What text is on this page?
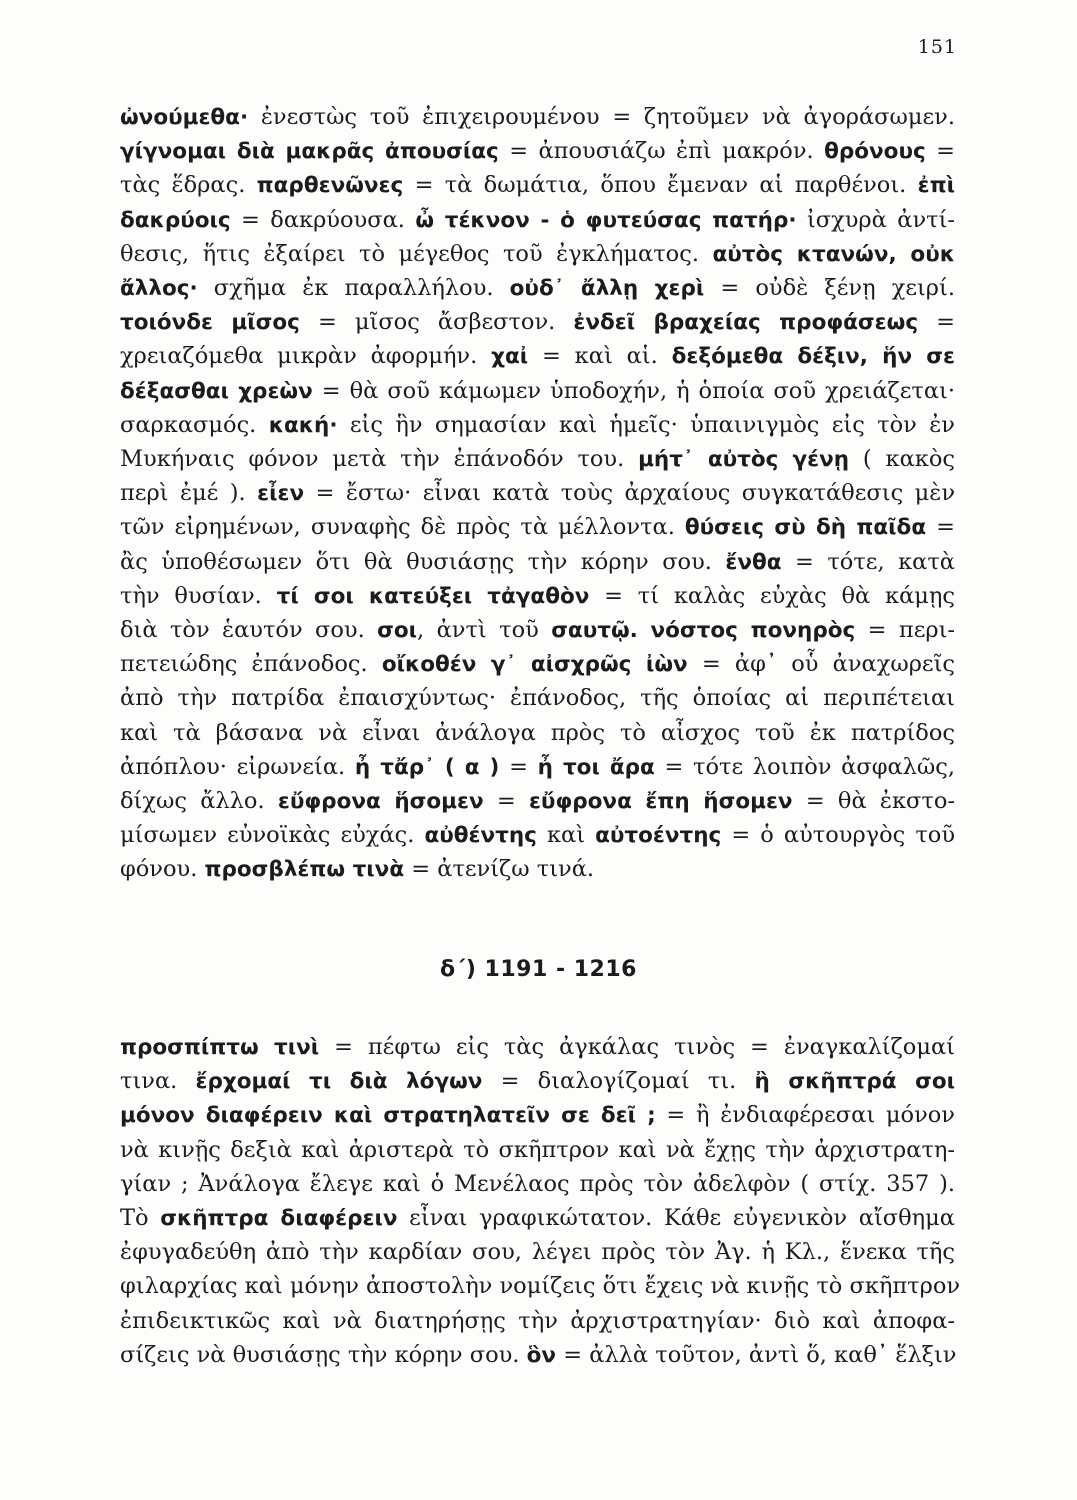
151
ὠνούμεθα· ἐνεστὼς τοῦ ἐπιχειρουμένου = ζητοῦμεν νὰ ἀγοράσωμεν.
γίγνομαι διὰ μακρᾶς ἀπουσίας = ἀπουσιάζω ἐπὶ μακρόν. θρόνους =
τὰς ἕδρας. παρθενῶνες = τὰ δωμάτια, ὅπου ἔμεναν αἱ παρθένοι. ἐπὶ
δακρύοις = δακρύουσα. ὦ τέκνον - ὁ φυτεύσας πατήρ· ἰσχυρὰ ἀντί-
θεσις, ἥτις ἐξαίρει τὸ μέγεθος τοῦ ἐγκλήματος. αὐτὸς κτανών, οὐκ
ἄλλος· σχῆμα ἐκ παραλλήλου. οὐδ᾽ ἄλλῃ χερὶ = οὐδὲ ξένῃ χειρί.
τοιόνδε μῖσος = μῖσος ἄσβεστον. ἐνδεῖ βραχείας προφάσεως =
χρειαζόμεθα μικρὰν ἀφορμήν. χαἰ = καὶ αἱ. δεξόμεθα δέξιν, ἥν σε
δέξασθαι χρεὼν = θὰ σοῦ κάμωμεν ὑποδοχήν, ἡ ὁποία σοῦ χρειάζεται·
σαρκασμός. κακή· εἰς ἣν σημασίαν καὶ ἡμεῖς· ὑπαινιγμὸς εἰς τὸν ἐν
Μυκήναις φόνον μετὰ τὴν ἐπάνοδόν του. μήτ᾽ αὐτὸς γένῃ ( κακὸς
περὶ ἐμέ ). εἶεν = ἔστω· εἶναι κατὰ τοὺς ἀρχαίους συγκατάθεσις μὲν
τῶν εἰρημένων, συναφὴς δὲ πρὸς τὰ μέλλοντα. θύσεις σὺ δὴ παῖδα =
ἂς ὑποθέσωμεν ὅτι θὰ θυσιάσῃς τὴν κόρην σου. ἔνθα = τότε, κατὰ
τὴν θυσίαν. τί σοι κατεύξει τἀγαθὸν = τί καλὰς εὐχὰς θὰ κάμῃς
διὰ τὸν ἑαυτόν σου. σοι, ἀντὶ τοῦ σαυτῷ. νόστος πονηρὸς = περι-
πετειώδης ἐπάνοδος. οἴκοθέν γ᾽ αἰσχρῶς ἰὼν = ἀφ᾽ οὗ ἀναχωρεῖς
ἀπὸ τὴν πατρίδα ἐπαισχύντως· ἐπάνοδος, τῆς ὁποίας αἱ περιπέτειαι
καὶ τὰ βάσανα νὰ εἶναι ἀνάλογα πρὸς τὸ αἶσχος τοῦ ἐκ πατρίδος
ἀπόπλου· εἰρωνεία. ἦ τἄρ᾽ ( α ) = ἦ τοι ἄρα = τότε λοιπὸν ἀσφαλῶς,
δίχως ἄλλο. εὔφρονα ἥσομεν = εὔφρονα ἔπη ἥσομεν = θὰ ἐκστο-
μίσωμεν εὐνοϊκὰς εὐχάς. αὐθέντης καὶ αὐτοέντης = ὁ αὐτουργὸς τοῦ
φόνου. προσβλέπω τινὰ = ἀτενίζω τινά.
δ΄) 1191 - 1216
προσπίπτω τινὶ = πέφτω εἰς τὰς ἀγκάλας τινὸς = ἐναγκαλίζομαί
τινα. ἔρχομαί τι διὰ λόγων = διαλογίζομαί τι. ἢ σκῆπτρά σοι
μόνον διαφέρειν καὶ στρατηλατεῖν σε δεῖ ; = ἢ ἐνδιαφέρεσαι μόνον
νὰ κινῇς δεξιὰ καὶ ἀριστερὰ τὸ σκῆπτρον καὶ νὰ ἔχῃς τὴν ἀρχιστρατη-
γίαν ; Ἀνάλογα ἔλεγε καὶ ὁ Μενέλαος πρὸς τὸν ἀδελφὸν ( στίχ. 357 ).
Τὸ σκῆπτρα διαφέρειν εἶναι γραφικώτατον. Κάθε εὐγενικὸν αἴσθημα
ἐφυγαδεύθη ἀπὸ τὴν καρδίαν σου, λέγει πρὸς τὸν Ἀγ. ἡ Κλ., ἕνεκα τῆς
φιλαρχίας καὶ μόνην ἀποστολὴν νομίζεις ὅτι ἔχεις νὰ κινῇς τὸ σκῆπτρον
ἐπιδεικτικῶς καὶ νὰ διατηρήσῃς τὴν ἀρχιστρατηγίαν· διὸ καὶ ἀποφα-
σίζεις νὰ θυσιάσῃς τὴν κόρην σου. ὃν = ἀλλὰ τοῦτον, ἀντὶ ὅ, καθ᾽ ἕλξιν
